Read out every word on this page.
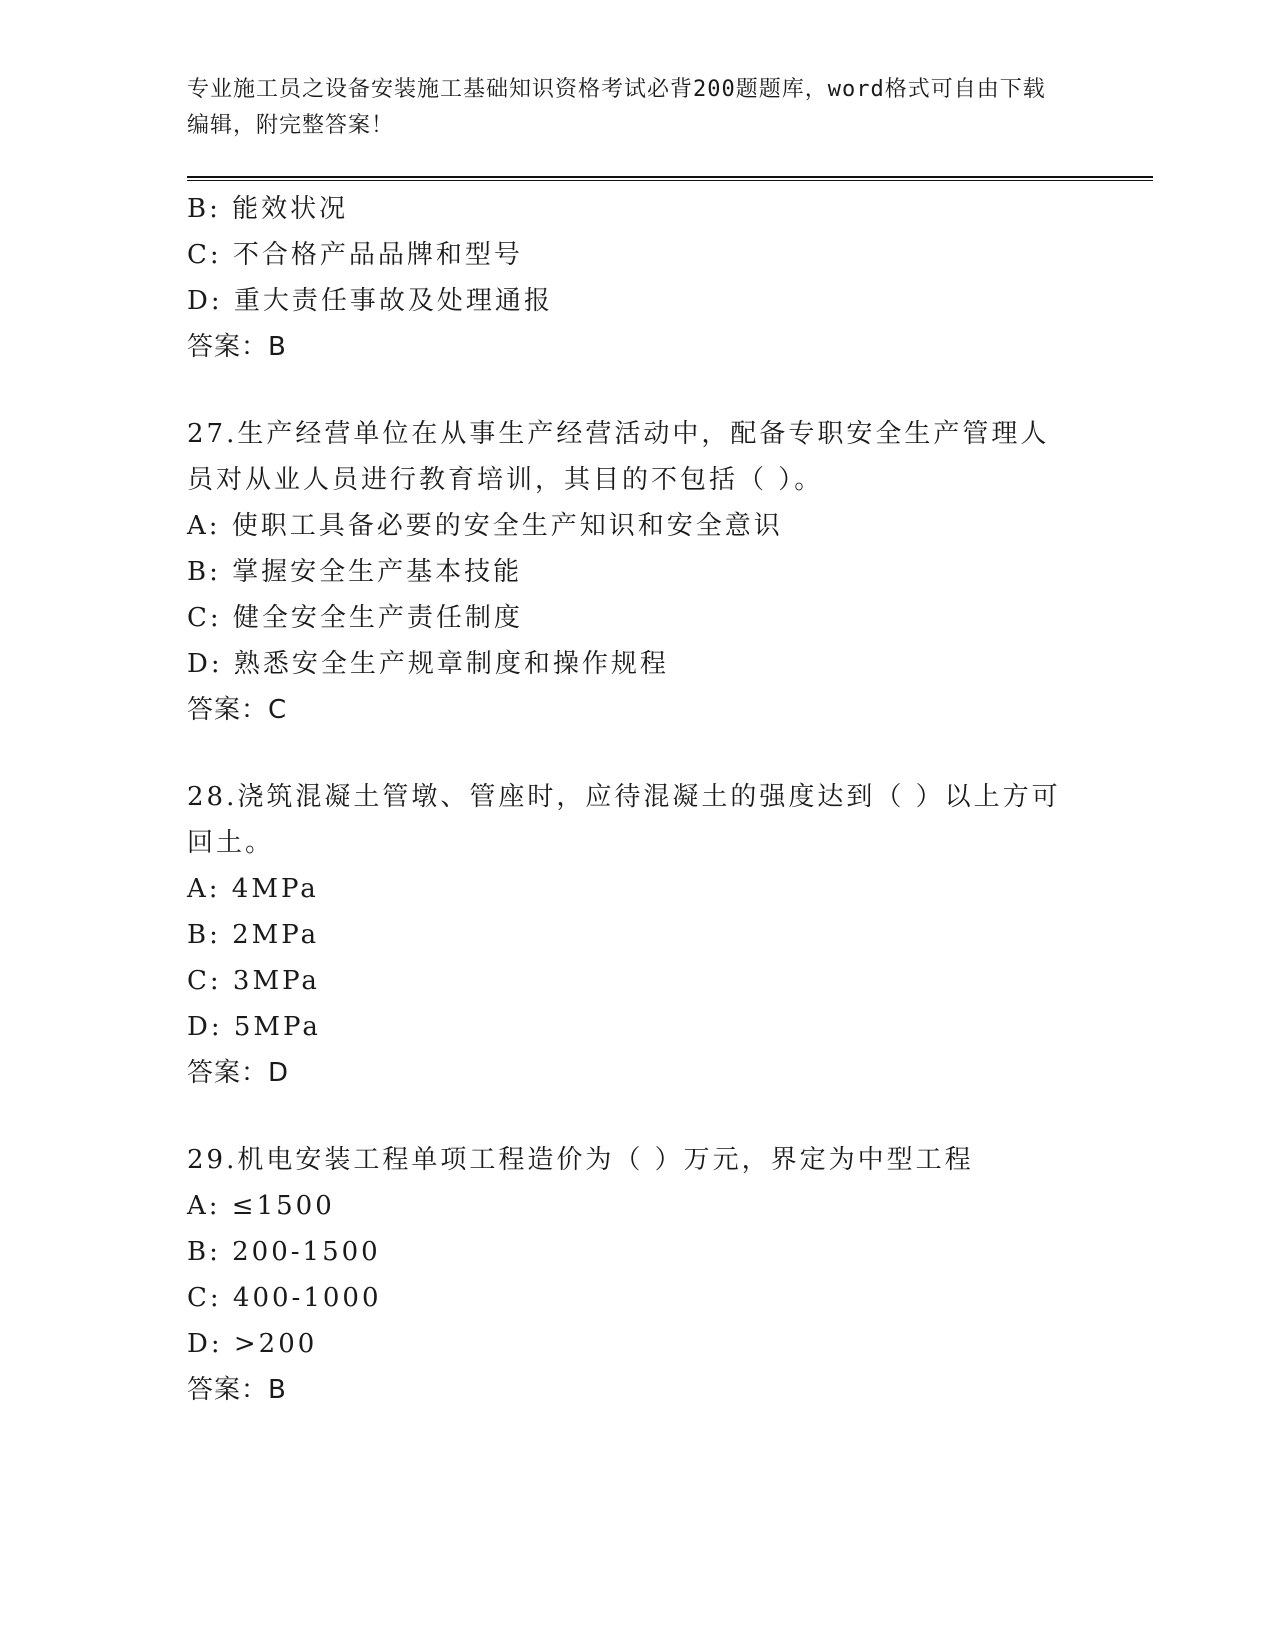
专业施工员之设备安装施工基础知识资格考试必背200题题库，word格式可自由下载编辑，附完整答案！
B: 能效状况
C: 不合格产品品牌和型号
D: 重大责任事故及处理通报
答案：B
27.生产经营单位在从事生产经营活动中，配备专职安全生产管理人员对从业人员进行教育培训，其目的不包括（ ）。
A: 使职工具备必要的安全生产知识和安全意识
B: 掌握安全生产基本技能
C: 健全安全生产责任制度
D: 熟悉安全生产规章制度和操作规程
答案：C
28.浇筑混凝土管墩、管座时，应待混凝土的强度达到（ ）以上方可回土。
A: 4MPa
B: 2MPa
C: 3MPa
D: 5MPa
答案：D
29.机电安装工程单项工程造价为（ ）万元，界定为中型工程
A: ≤1500
B: 200-1500
C: 400-1000
D: >200
答案：B
